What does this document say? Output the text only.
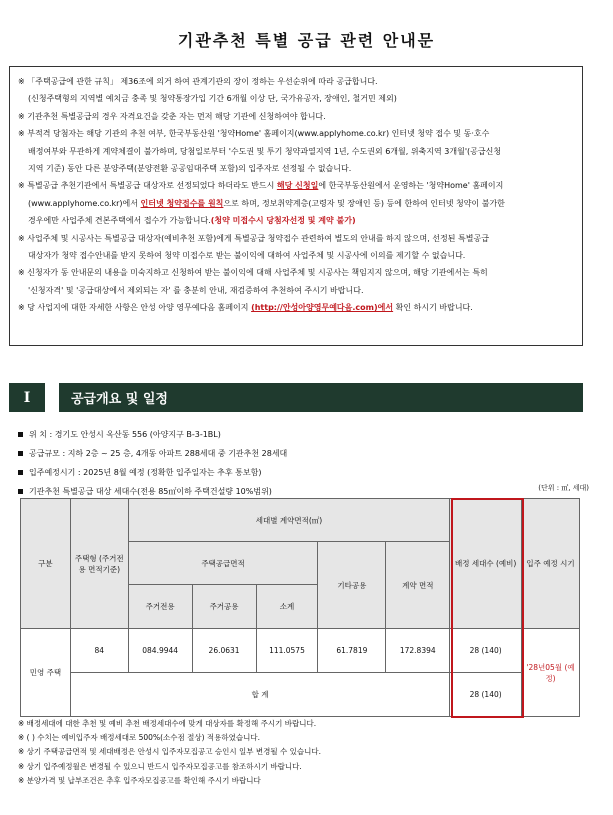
기관추천 특별 공급 관련 안내문
※ 「주택공급에 관한 규칙」 제36조에 의거 하여 관계기관의 장이 정하는 우선순위에 따라 공급합니다.
(신청주택형의 지역별 예치금 충족 및 청약통장가입 기간 6개월 이상 단, 국가유공자, 장애인, 철거민 제외)
※ 기관추천 특별공급의 경우 자격요건을 갖춘 자는 먼저 해당 기관에 신청하여야 합니다.
※ 부적격 당첨자는 해당 기관의 추천 여부, 한국부동산원 '청약Home' 홈페이지(www.applyhome.co.kr) 인터넷 청약 접수 및 동·호수
배정여부와 무관하게 계약체결이 불가하며, 당첨일로부터 '수도권 및 투기 청약과열지역 1년, 수도권외 6개월, 위축지역 3개월'(공급신청
지역 기준) 동안 다른 분양주택(분양전환 공공임대주택 포함)의 입주자로 선정될 수 없습니다.
※ 특별공급 추천기관에서 특별공급 대상자로 선정되었다 하더라도 반드시 해당 신청일에 한국부동산원에서 운영하는 '청약Home' 홈페이지
(www.applyhome.co.kr)에서 인터넷 청약접수를 원칙으로 하며, 정보취약계층(고령자 및 장애인 등) 등에 한하여 인터넷 청약이 불가한
경우에만 사업주체 견본주택에서 접수가 가능합니다.(청약 미접수시 당첨자선정 및 계약 불가)
※ 사업주체 및 시공사는 특별공급 대상자(예비추천 포함)에게 특별공급 청약접수 관련하여 별도의 안내를 하지 않으며, 선정된 특별공급
대상자가 청약 접수안내를 받지 못하여 청약 미접수로 받는 불이익에 대하여 사업주체 및 시공사에 이의를 제기할 수 없습니다.
※ 신청자가 동 안내문의 내용을 미숙지하고 신청하여 받는 불이익에 대해 사업주체 및 시공사는 책임지지 않으며, 해당 기관에서는 특히
'신청자격' 및 '공급대상에서 제외되는 자' 를 충분히 안내, 재검증하여 추천하여 주시기 바랍니다.
※ 당 사업지에 대한 자세한 사항은 안성 아양 영무예다음 홈페이지 (http://안성아양영무예다음.com)에서 확인 하시기 바랍니다.
I	공급개요 및 일정
위 치 : 경기도 안성시 옥산동 556 (아양지구 B-3-1BL)
공급규모 : 지하 2층 ~ 25 층, 4개동 아파트 288세대 중 기관추천 28세대
입주예정시기 : 2025년 8월 예정 (정확한 입주일자는 추후 통보함)
기관추천 특별공급 대상 세대수(전용 85㎡이하 주택건설량 10%범위)	(단위 : ㎡, 세대)
구분	주택형 (주거전용 면적기준)	세대별 계약면적(㎡)					배정 세대수 (예비)	입주 예정 시기
		주택공급면적			기타공용	계약 면적		
		주거전용	주거공용	소계				
민영 주택	84	084.9944	26.0631	111.0575	61.7819	172.8394	28 (140)	'28년05월 (예정)
	합 계						28 (140)	
※ 배정세대에 대한 추천 및 예비 추천 배정세대수에 맞게 대상자를 확정해 주시기 바랍니다.
※ ( ) 수치는 예비입주자 배정세대로 500%(소수점 절상) 적용하였습니다.
※ 상기 주택공급면적 및 세대배정은 안성시 입주자모집공고 승인시 일부 변경될 수 있습니다.
※ 상기 입주예정월은 변경될 수 있으니 반드시 입주자모집공고를 참조하시기 바랍니다.
※ 분양가격 및 납부조건은 추후 입주자모집공고를 확인해 주시기 바랍니다
